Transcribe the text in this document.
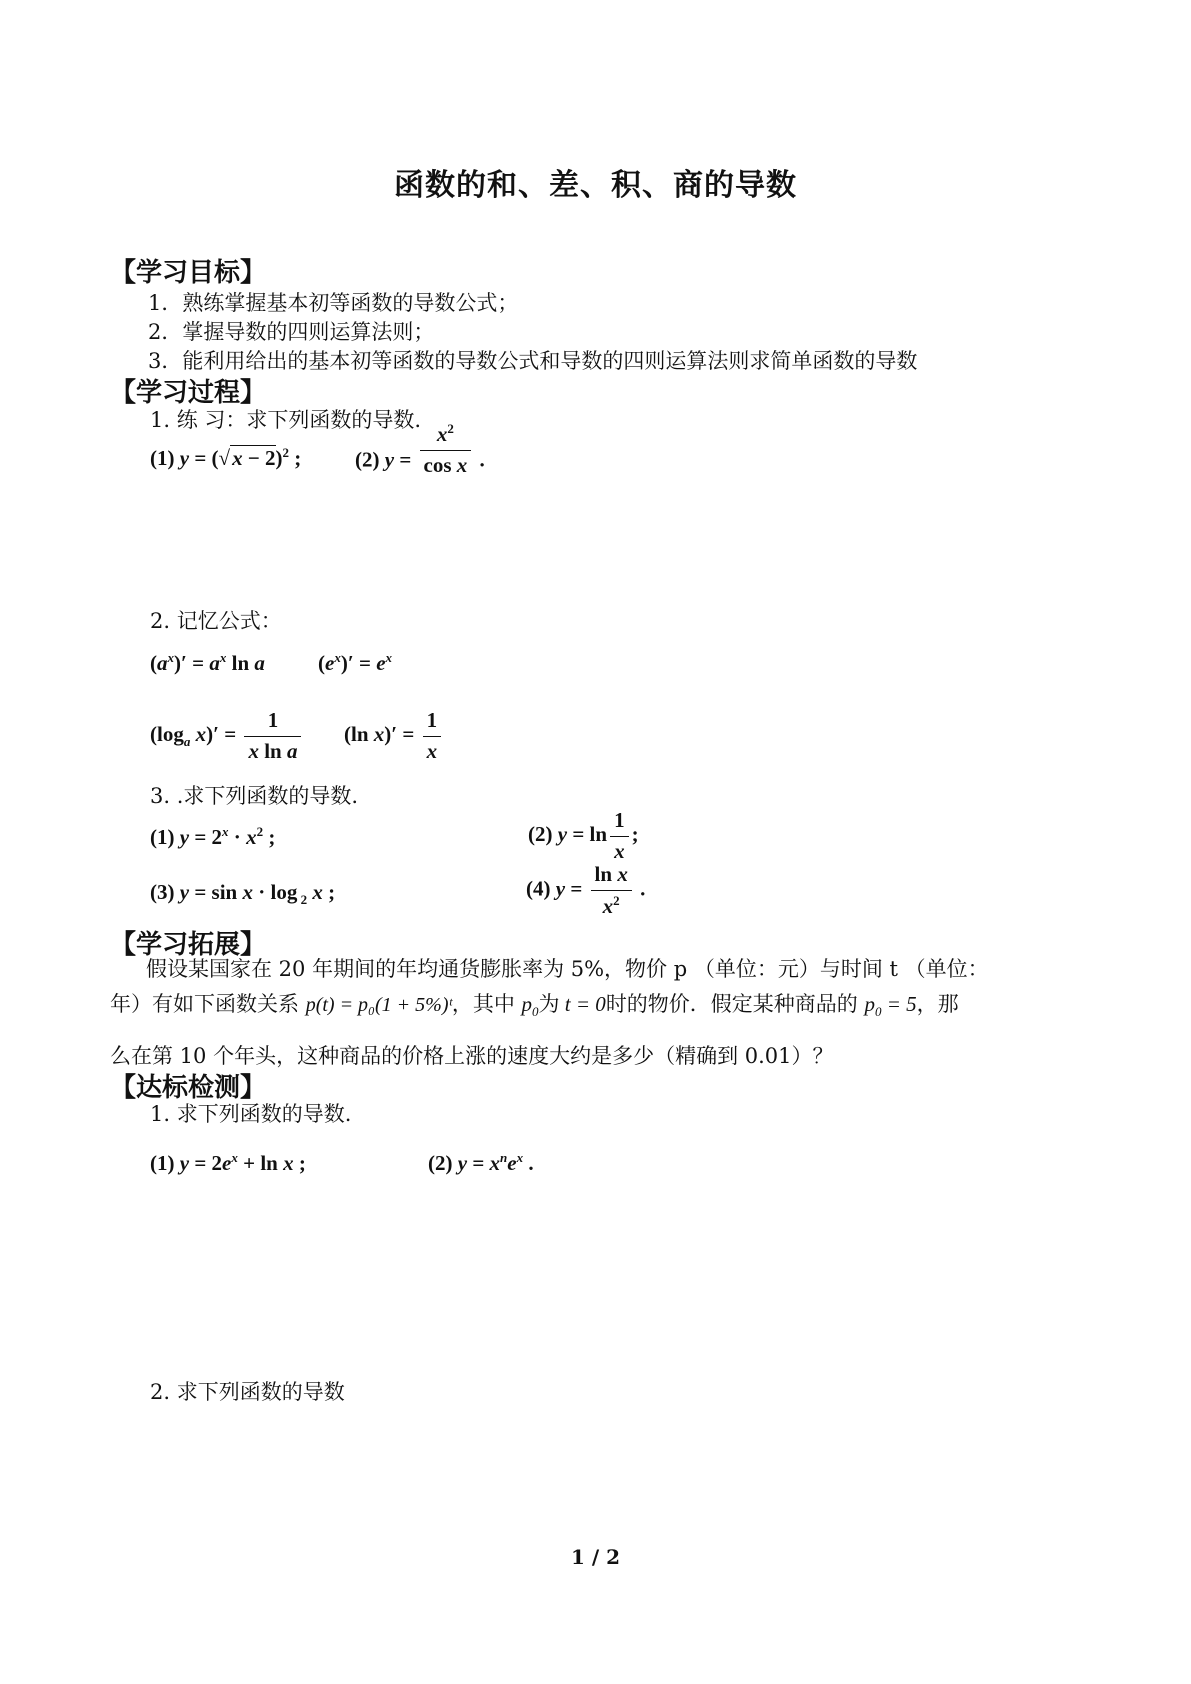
函数的和、差、积、商的导数
【学习目标】
1．熟练掌握基本初等函数的导数公式；
2．掌握导数的四则运算法则；
3．能利用给出的基本初等函数的导数公式和导数的四则运算法则求简单函数的导数
【学习过程】
1. 练 习：求下列函数的导数.
(1) $y = (√x - 2)^2$ ;	(2) $y = \frac{x^2}{\text{cos x}}$ .
2. 记忆公式：
$(a^x)' = a^x$ ln a	$(e^x)' = e^x$
($\log_a$ $x)' = \frac{1}{\text{x ln a}} (\ln$ $x)' = \frac{1}{x}$
3. .求下列函数的导数.
(1) $y = 2^x \cdot x^2$ ;	(2) $y = \ln \frac{1}{x}$ ;
(3) y = sin x · log $_2$ x ;	(4) $y = \frac{\text{ln x}}{x^2}$ .
【学习拓展】
假设某国家在 20 年期间的年均通货膨胀率为 5%，物价 p （单位：元）与时间 t （单位：
年）有如下函数关系 p(t) = p₀(1 + 5%)ᵗ，其中 $p_0$为 t = 0时的物价．假定某种商品的 $p_0 = 5$，那
么在第 10 个年头，这种商品的价格上涨的速度大约是多少（精确到 0.01）？
【达标检测】
1. 求下列函数的导数.
(1) $y = 2e^x + \ln x$ ;	(2) $y = x^ne^x$ .
2. 求下列函数的导数
1 / 2
